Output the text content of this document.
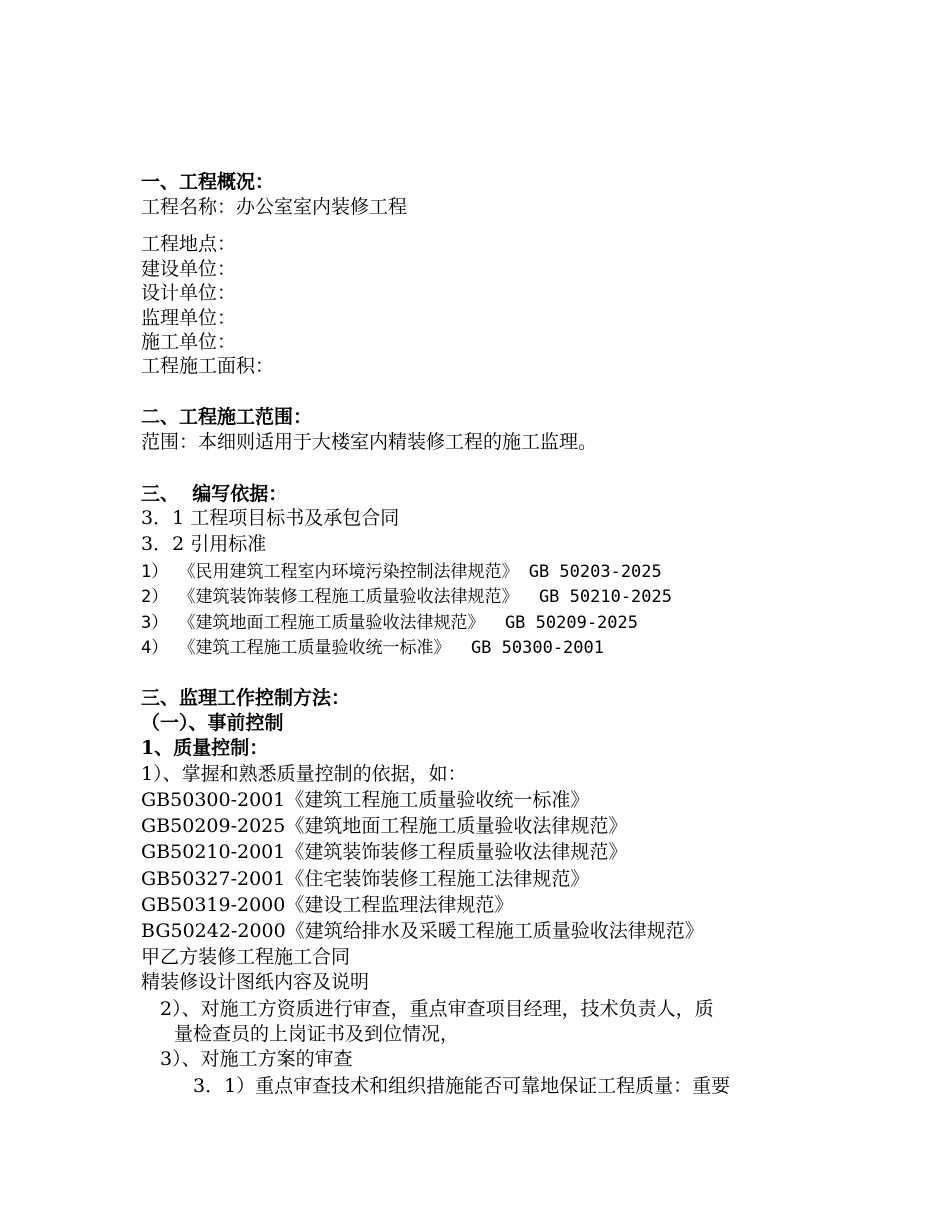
一、工程概况：
工程名称：办公室室内装修工程
工程地点：
建设单位：
设计单位：
监理单位：
施工单位：
工程施工面积：
二、工程施工范围：
范围：本细则适用于大楼室内精装修工程的施工监理。
三、  编写依据：
3．1 工程项目标书及承包合同
3．2 引用标准
1） 《民用建筑工程室内环境污染控制法律规范》 GB 50203-2025
2） 《建筑装饰装修工程施工质量验收法律规范》  GB 50210-2025
3） 《建筑地面工程施工质量验收法律规范》  GB 50209-2025
4） 《建筑工程施工质量验收统一标准》  GB 50300-2001
三、监理工作控制方法：
（一）、事前控制
1、质量控制：
1）、掌握和熟悉质量控制的依据，如：
GB50300-2001《建筑工程施工质量验收统一标准》
GB50209-2025《建筑地面工程施工质量验收法律规范》
GB50210-2001《建筑装饰装修工程质量验收法律规范》
GB50327-2001《住宅装饰装修工程施工法律规范》
GB50319-2000《建设工程监理法律规范》
BG50242-2000《建筑给排水及采暖工程施工质量验收法律规范》
甲乙方装修工程施工合同
精装修设计图纸内容及说明
2）、对施工方资质进行审查，重点审查项目经理，技术负责人，质
量检查员的上岗证书及到位情况，
3）、对施工方案的审查
3．1）重点审查技术和组织措施能否可靠地保证工程质量：重要
